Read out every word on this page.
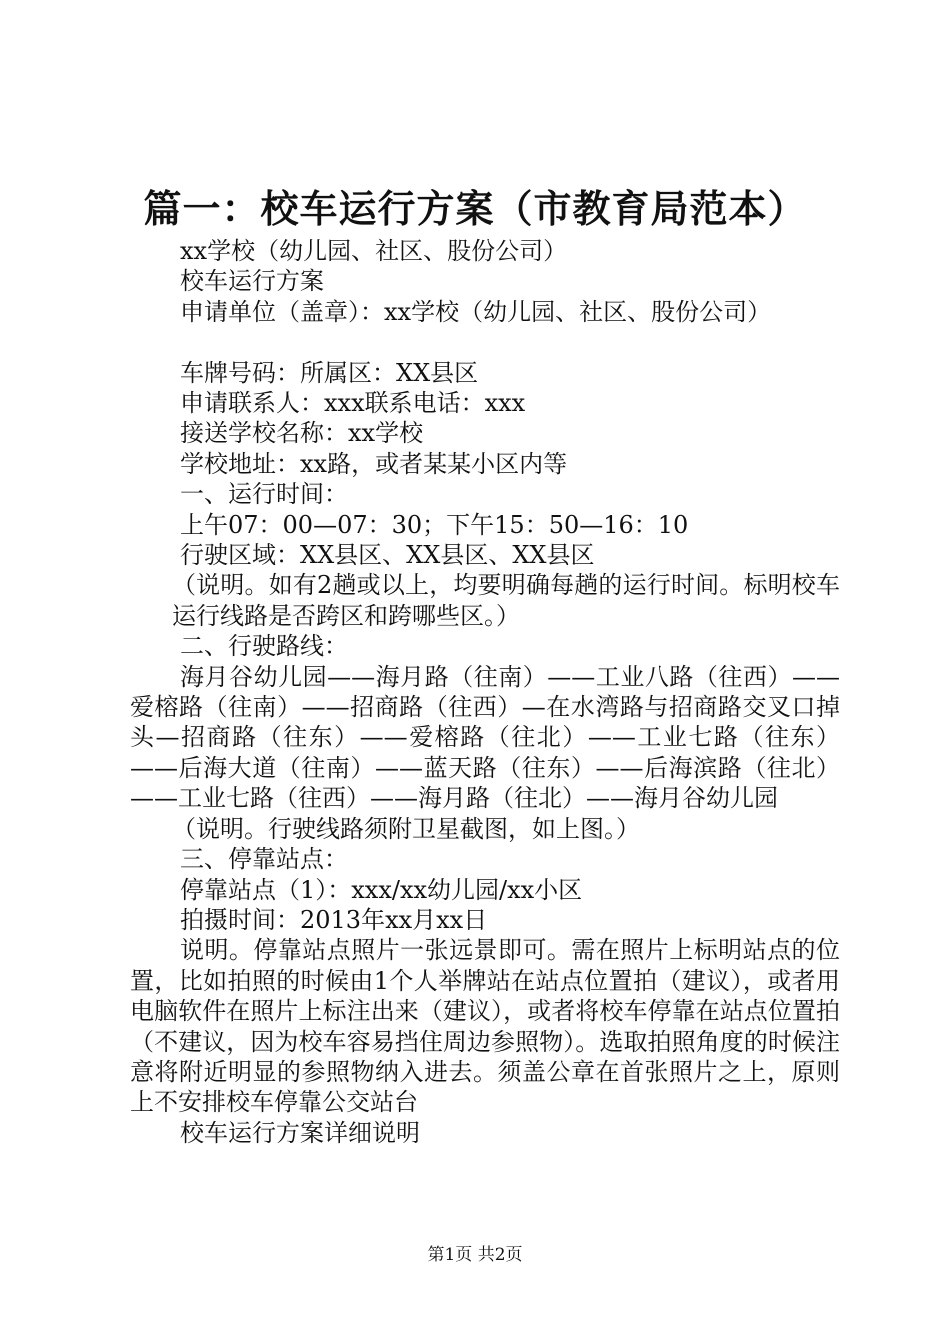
篇一：校车运行方案（市教育局范本）

xx学校（幼儿园、社区、股份公司）

校车运行方案

申请单位（盖章）：xx学校（幼儿园、社区、股份公司）

车牌号码：所属区：XX县区

申请联系人：xxx联系电话：xxx

接送学校名称：xx学校

学校地址：xx路，或者某某小区内等

一、运行时间：

上午07：00—07：30；下午15：50—16：10

行驶区域：XX县区、XX县区、XX县区

（说明。如有2趟或以上，均要明确每趟的运行时间。标明校车运行线路是否跨区和跨哪些区。）

二、行驶路线：

海月谷幼儿园——海月路（往南）——工业八路（往西）——爱榕路（往南）——招商路（往西）—在水湾路与招商路交叉口掉头—招商路（往东）——爱榕路（往北）——工业七路（往东）——后海大道（往南）——蓝天路（往东）——后海滨路（往北）——工业七路（往西）——海月路（往北）——海月谷幼儿园

（说明。行驶线路须附卫星截图，如上图。）

三、停靠站点：

停靠站点（1）：xxx/xx幼儿园/xx小区

拍摄时间：2013年xx月xx日

说明。停靠站点照片一张远景即可。需在照片上标明站点的位置，比如拍照的时候由1个人举牌站在站点位置拍（建议），或者用电脑软件在照片上标注出来（建议），或者将校车停靠在站点位置拍（不建议，因为校车容易挡住周边参照物）。选取拍照角度的时候注意将附近明显的参照物纳入进去。须盖公章在首张照片之上，原则上不安排校车停靠公交站台

校车运行方案详细说明

第1页 共2页
